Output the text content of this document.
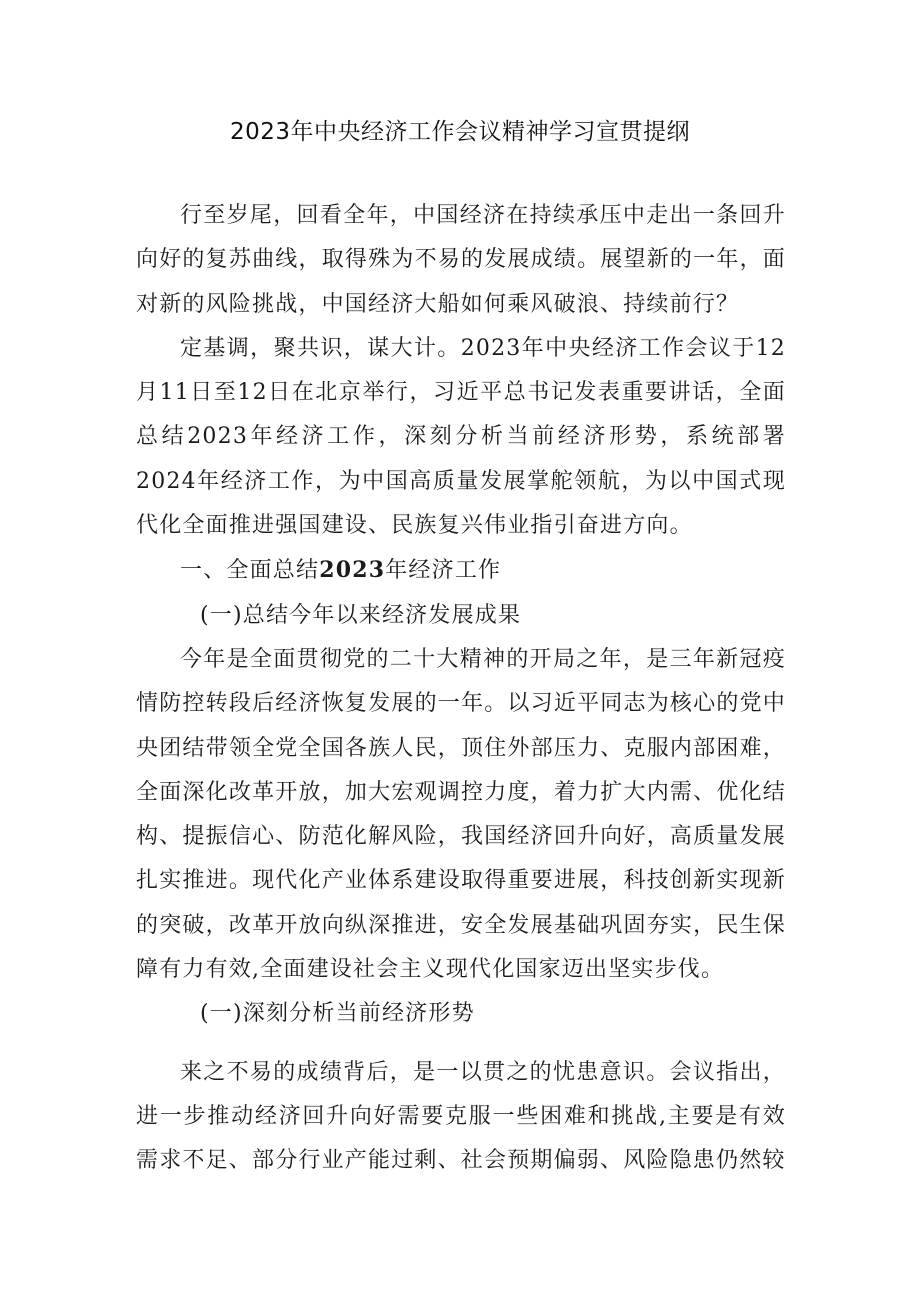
2023年中央经济工作会议精神学习宣贯提纲

行至岁尾，回看全年，中国经济在持续承压中走出一条回升向好的复苏曲线，取得殊为不易的发展成绩。展望新的一年，面对新的风险挑战，中国经济大船如何乘风破浪、持续前行？

定基调，聚共识，谋大计。2023年中央经济工作会议于12月11日至12日在北京举行，习近平总书记发表重要讲话，全面总结2023年经济工作，深刻分析当前经济形势，系统部署2024年经济工作，为中国高质量发展掌舵领航，为以中国式现代化全面推进强国建设、民族复兴伟业指引奋进方向。

一、全面总结2023年经济工作

(一)总结今年以来经济发展成果

今年是全面贯彻党的二十大精神的开局之年，是三年新冠疫情防控转段后经济恢复发展的一年。以习近平同志为核心的党中央团结带领全党全国各族人民，顶住外部压力、克服内部困难，全面深化改革开放，加大宏观调控力度，着力扩大内需、优化结构、提振信心、防范化解风险，我国经济回升向好，高质量发展扎实推进。现代化产业体系建设取得重要进展，科技创新实现新的突破，改革开放向纵深推进，安全发展基础巩固夯实，民生保障有力有效,全面建设社会主义现代化国家迈出坚实步伐。

(一)深刻分析当前经济形势

来之不易的成绩背后，是一以贯之的忧患意识。会议指出，进一步推动经济回升向好需要克服一些困难和挑战,主要是有效需求不足、部分行业产能过剩、社会预期偏弱、风险隐患仍然较
